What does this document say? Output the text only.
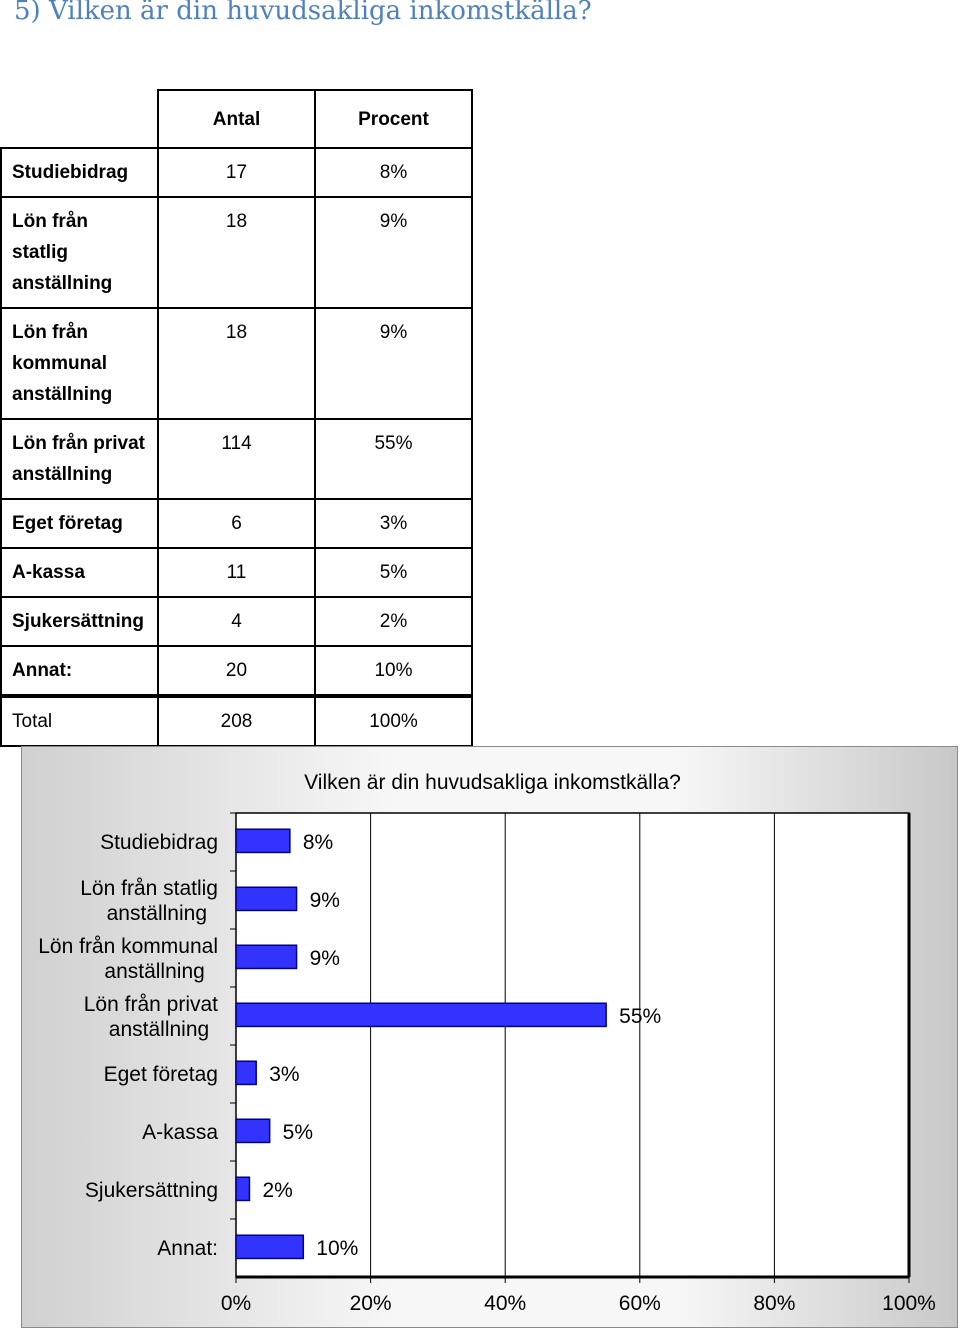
5) Vilken är din huvudsakliga inkomstkälla?
	Antal	Procent
Studiebidrag	17	8%
Lön från statlig anställning	18	9%
Lön från kommunal anställning	18	9%
Lön från privat anställning	114	55%
Eget företag	6	3%
A-kassa	11	5%
Sjukersättning	4	2%
Annat:	20	10%
Total	208	100%
Vilken är din huvudsakliga inkomstkälla?
0%	20%	40%	60%	80%	100%
8%
Studiebidrag
9%
Lön från statlig anställning
9%
Lön från kommunal anställning
55%
Lön från privat anställning
3%
Eget företag
5%
A-kassa
2%
Sjukersättning
10%
Annat:
